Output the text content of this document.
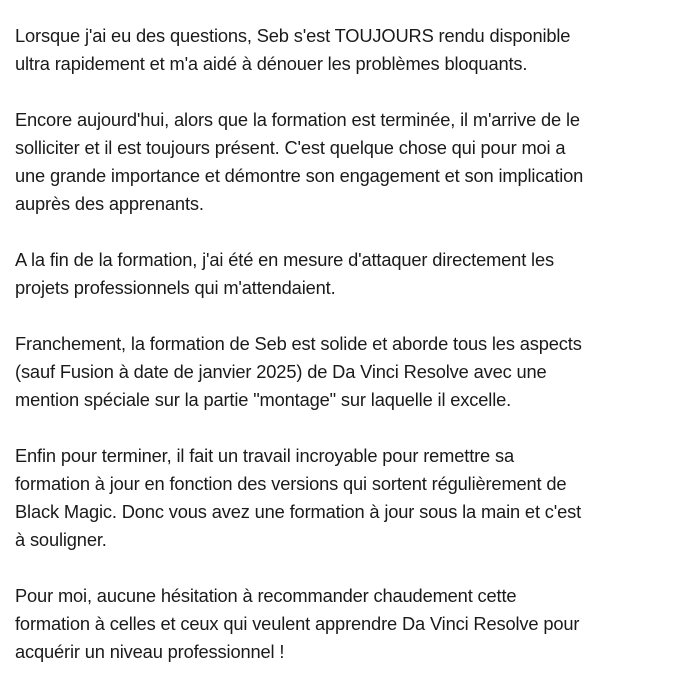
Lorsque j'ai eu des questions, Seb s'est TOUJOURS rendu disponible
ultra rapidement et m'a aidé à dénouer les problèmes bloquants.

Encore aujourd'hui, alors que la formation est terminée, il m'arrive de le
solliciter et il est toujours présent. C'est quelque chose qui pour moi a
une grande importance et démontre son engagement et son implication
auprès des apprenants.

A la fin de la formation, j'ai été en mesure d'attaquer directement les
projets professionnels qui m'attendaient.

Franchement, la formation de Seb est solide et aborde tous les aspects
(sauf Fusion à date de janvier 2025) de Da Vinci Resolve avec une
mention spéciale sur la partie "montage" sur laquelle il excelle.

Enfin pour terminer, il fait un travail incroyable pour remettre sa
formation à jour en fonction des versions qui sortent régulièrement de
Black Magic. Donc vous avez une formation à jour sous la main et c'est
à souligner.

Pour moi, aucune hésitation à recommander chaudement cette
formation à celles et ceux qui veulent apprendre Da Vinci Resolve pour
acquérir un niveau professionnel !
